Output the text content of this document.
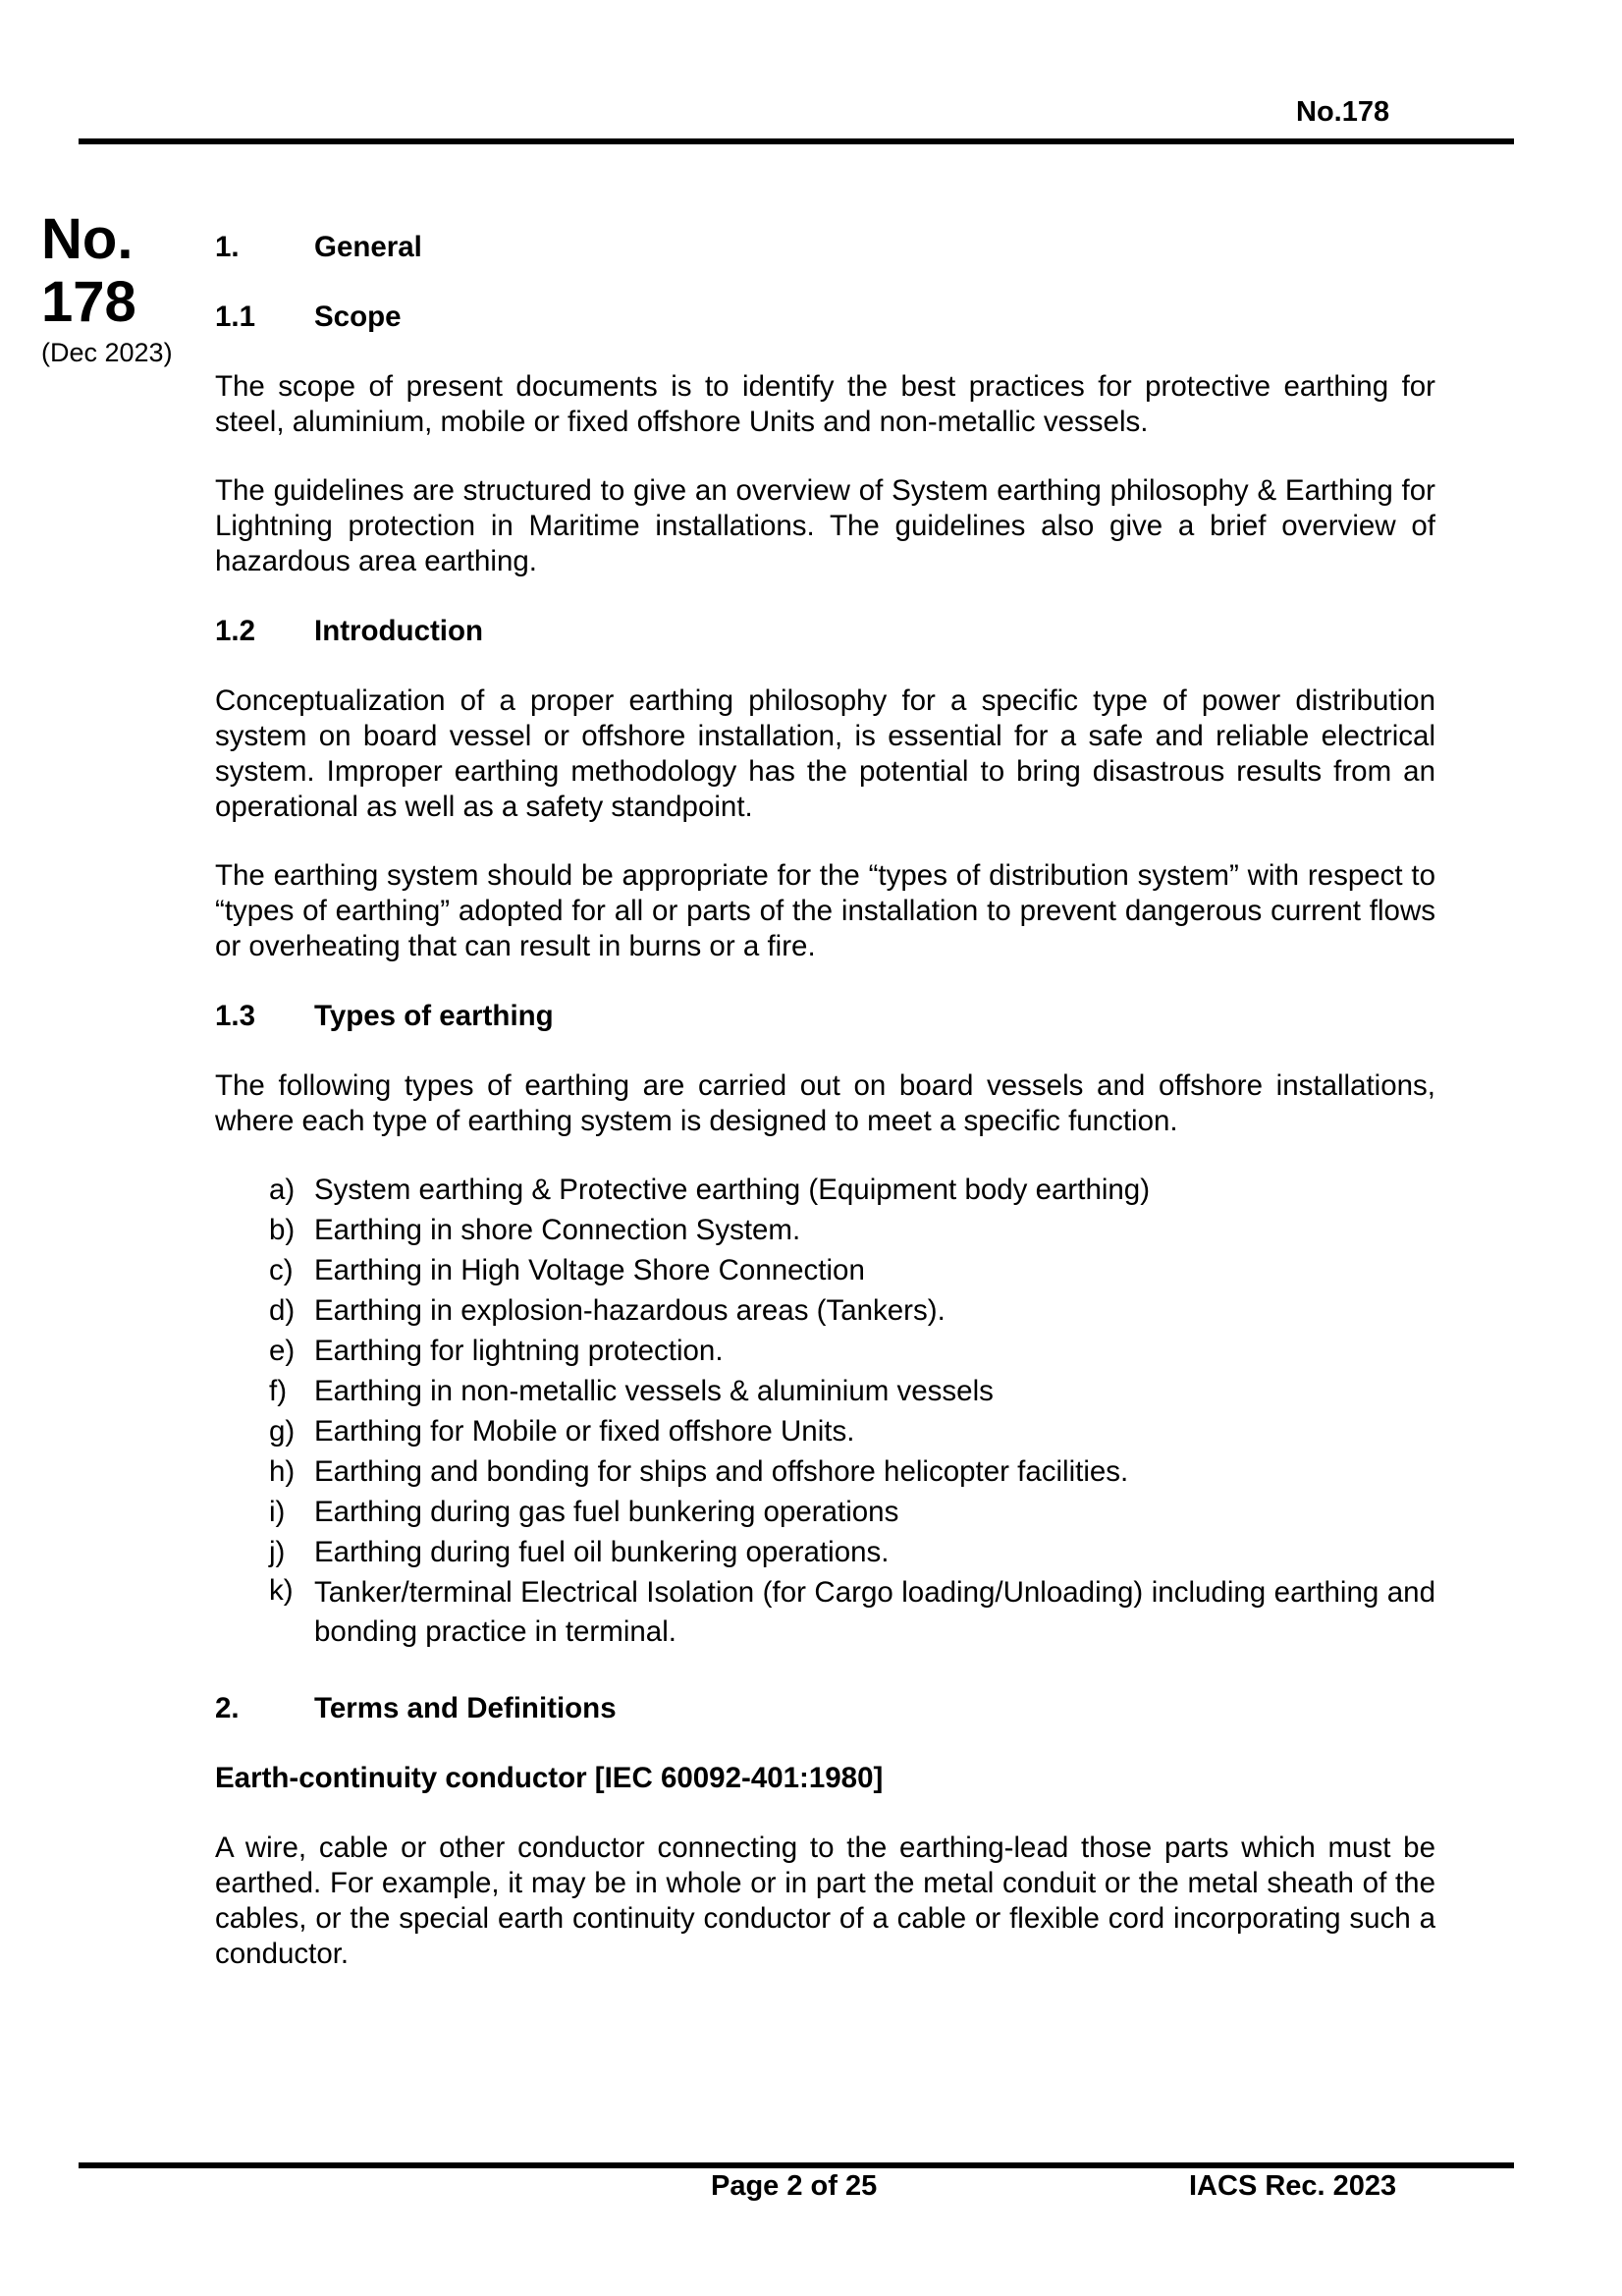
No.178
No.
178
(Dec 2023)
1.	General
1.1	Scope

The scope of present documents is to identify the best practices for protective earthing for steel, aluminium, mobile or fixed offshore Units and non-metallic vessels.

The guidelines are structured to give an overview of System earthing philosophy & Earthing for Lightning protection in Maritime installations. The guidelines also give a brief overview of hazardous area earthing.

1.2	Introduction

Conceptualization of a proper earthing philosophy for a specific type of power distribution system on board vessel or offshore installation, is essential for a safe and reliable electrical system. Improper earthing methodology has the potential to bring disastrous results from an operational as well as a safety standpoint.

The earthing system should be appropriate for the “types of distribution system” with respect to “types of earthing” adopted for all or parts of the installation to prevent dangerous current flows or overheating that can result in burns or a fire.

1.3	Types of earthing

The following types of earthing are carried out on board vessels and offshore installations, where each type of earthing system is designed to meet a specific function.

a) System earthing & Protective earthing (Equipment body earthing)
b) Earthing in shore Connection System.
c) Earthing in High Voltage Shore Connection
d) Earthing in explosion-hazardous areas (Tankers).
e) Earthing for lightning protection.
f) Earthing in non-metallic vessels & aluminium vessels
g) Earthing for Mobile or fixed offshore Units.
h) Earthing and bonding for ships and offshore helicopter facilities.
i)	Earthing during gas fuel bunkering operations
j)	Earthing during fuel oil bunkering operations.
k) Tanker/terminal Electrical Isolation (for Cargo loading/Unloading) including earthing and bonding practice in terminal.
2.	Terms and Definitions
Earth-continuity conductor [IEC 60092-401:1980]

A wire, cable or other conductor connecting to the earthing-lead those parts which must be earthed. For example, it may be in whole or in part the metal conduit or the metal sheath of the cables, or the special earth continuity conductor of a cable or flexible cord incorporating such a conductor.

Page 2 of 25	IACS Rec. 2023
